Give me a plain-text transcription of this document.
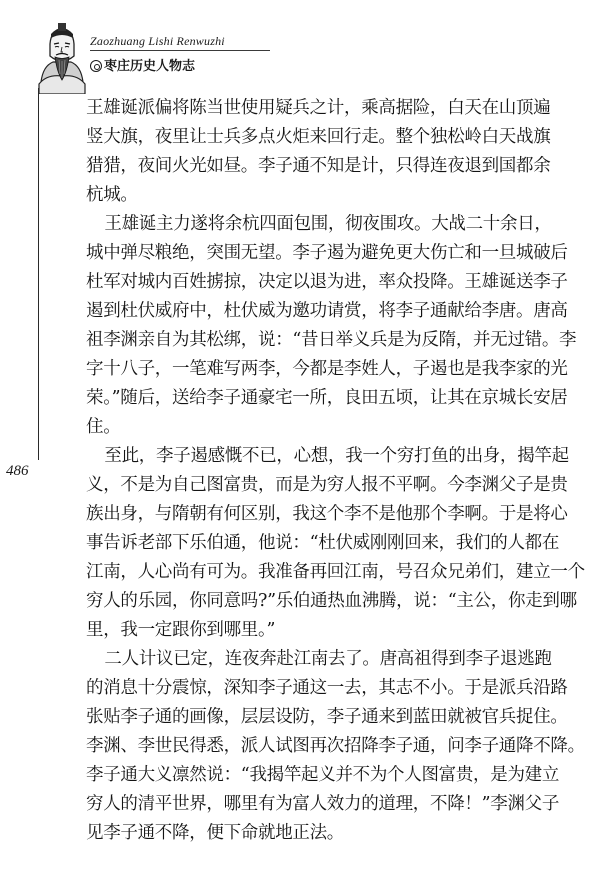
Zaozhuang Lishi Renwuzhi
枣庄历史人物志
486
王雄诞派偏将陈当世使用疑兵之计，乘高据险，白天在山顶遍
竖大旗，夜里让士兵多点火炬来回行走。整个独松岭白天战旗
猎猎，夜间火光如昼。李子通不知是计，只得连夜退到国都余
杭城。
　　王雄诞主力遂将余杭四面包围，彻夜围攻。大战二十余日，
城中弹尽粮绝，突围无望。李子遏为避免更大伤亡和一旦城破后
杜军对城内百姓掳掠，决定以退为进，率众投降。王雄诞送李子
遏到杜伏威府中，杜伏威为邀功请赏，将李子通献给李唐。唐高
祖李渊亲自为其松绑，说：“昔日举义兵是为反隋，并无过错。李
字十八子，一笔难写两李，今都是李姓人，子遏也是我李家的光
荣。”随后，送给李子通豪宅一所，良田五顷，让其在京城长安居
住。
　　至此，李子遏感慨不已，心想，我一个穷打鱼的出身，揭竿起
义，不是为自己图富贵，而是为穷人报不平啊。今李渊父子是贵
族出身，与隋朝有何区别，我这个李不是他那个李啊。于是将心
事告诉老部下乐伯通，他说：“杜伏威刚刚回来，我们的人都在
江南，人心尚有可为。我准备再回江南，号召众兄弟们，建立一个
穷人的乐园，你同意吗?”乐伯通热血沸腾，说：“主公，你走到哪
里，我一定跟你到哪里。”
　　二人计议已定，连夜奔赴江南去了。唐高祖得到李子退逃跑
的消息十分震惊，深知李子通这一去，其志不小。于是派兵沿路
张贴李子通的画像，层层设防，李子通来到蓝田就被官兵捉住。
李渊、李世民得悉，派人试图再次招降李子通，问李子通降不降。
李子通大义凛然说：“我揭竿起义并不为个人图富贵，是为建立
穷人的清平世界，哪里有为富人效力的道理，不降！”李渊父子
见李子通不降，便下命就地正法。
